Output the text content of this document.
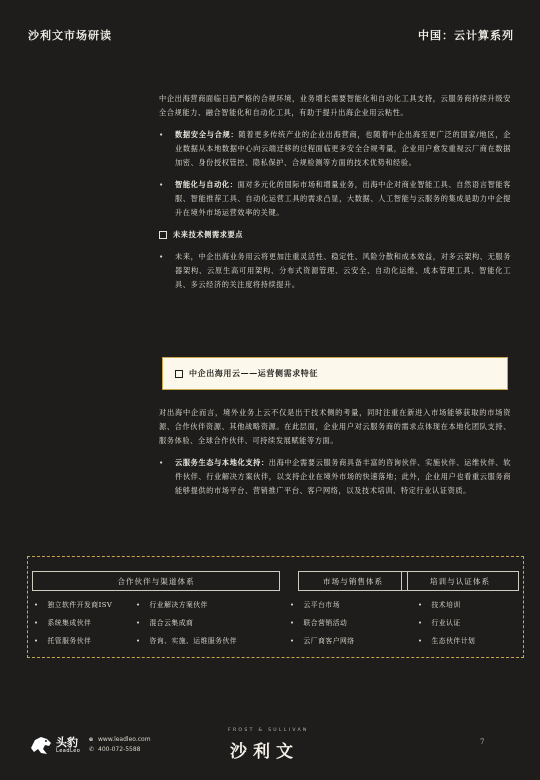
沙利文市场研读	中国：云计算系列

中企出海营商面临日趋严格的合规环境，业务增长需要智能化和自动化工具支持，云服务商持续升级安全合规能力、融合智能化和自动化工具，有助于提升出海企业用云粘性。

• 数据安全与合规：随着更多传统产业的企业出海营商，也随着中企出海至更广泛的国家/地区，企业数据从本地数据中心向云端迁移的过程面临更多安全合规考量，企业用户愈发重视云厂商在数据加密、身份授权管控、隐私保护、合规检测等方面的技术优势和经验。
• 智能化与自动化：面对多元化的国际市场和增量业务，出海中企对商业智能工具、自然语言智能客服、智能推荐工具、自动化运营工具的需求凸显，大数据、人工智能与云服务的集成是助力中企提升在境外市场运营效率的关键。
未来技术侧需求要点
• 未来，中企出海业务用云将更加注重灵活性、稳定性、风险分散和成本效益，对多云架构、无服务器架构、云原生高可用架构、分布式资源管理、云安全、自动化运维、成本管理工具、智能化工具、多云经济的关注度将持续提升。
中企出海用云——运营侧需求特征

对出海中企而言，境外业务上云不仅是出于技术侧的考量，同时注重在新进入市场能够获取的市场资源、合作伙伴资源、其他战略资源。在此层面，企业用户对云服务商的需求点体现在本地化团队支持、服务体验、全球合作伙伴、可持续发展赋能等方面。

• 云服务生态与本地化支持：出海中企需要云服务商具备丰富的咨询伙伴、实施伙伴、运维伙伴、软件伙伴、行业解决方案伙伴，以支持企业在境外市场的快速落地；此外，企业用户也看重云服务商能够提供的市场平台、营销推广平台、客户网络，以及技术培训、特定行业认证资质。
合作伙伴与渠道体系	市场与销售体系	培训与认证体系
• 独立软件开发商ISV
• 系统集成伙伴
• 托管服务伙伴
• 行业解决方案伙伴
• 混合云集成商
• 咨询、实施、运维服务伙伴
• 云平台市场
• 联合营销活动
• 云厂商客户网络
• 技术培训
• 行业认证
• 生态伙伴计划
头豹
LeadLeo
e www.leadleo.com
✆ 400-072-5588
FROST & SULLIVAN
沙利文	7
